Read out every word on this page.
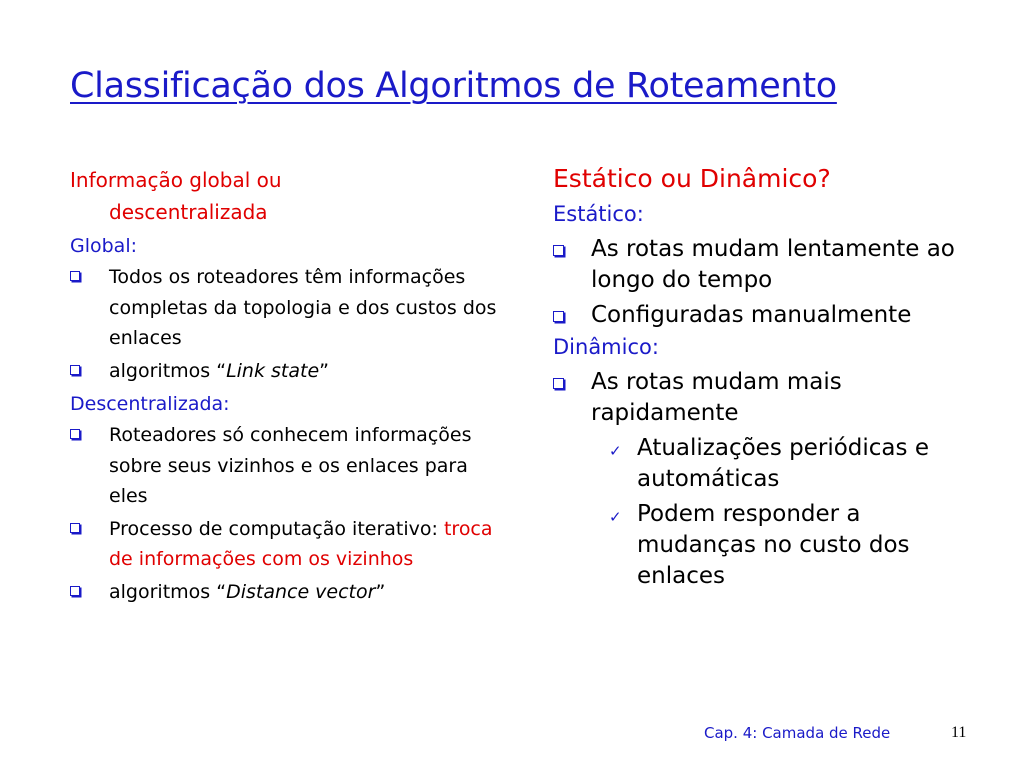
Classificação dos Algoritmos de Roteamento
Informação global ou
descentralizada
Global:
Todos os roteadores têm informações completas da topologia e dos custos dos enlaces
algoritmos “Link state”
Descentralizada:
Roteadores só conhecem informações sobre seus vizinhos e os enlaces para eles
Processo de computação iterativo: troca de informações com os vizinhos
algoritmos “Distance vector”
Estático ou Dinâmico?
Estático:
As rotas mudam lentamente ao longo do tempo
Configuradas manualmente
Dinâmico:
As rotas mudam mais rapidamente
✓ Atualizações periódicas e automáticas
✓ Podem responder a mudanças no custo dos enlaces
Cap. 4: Camada de Rede	11
